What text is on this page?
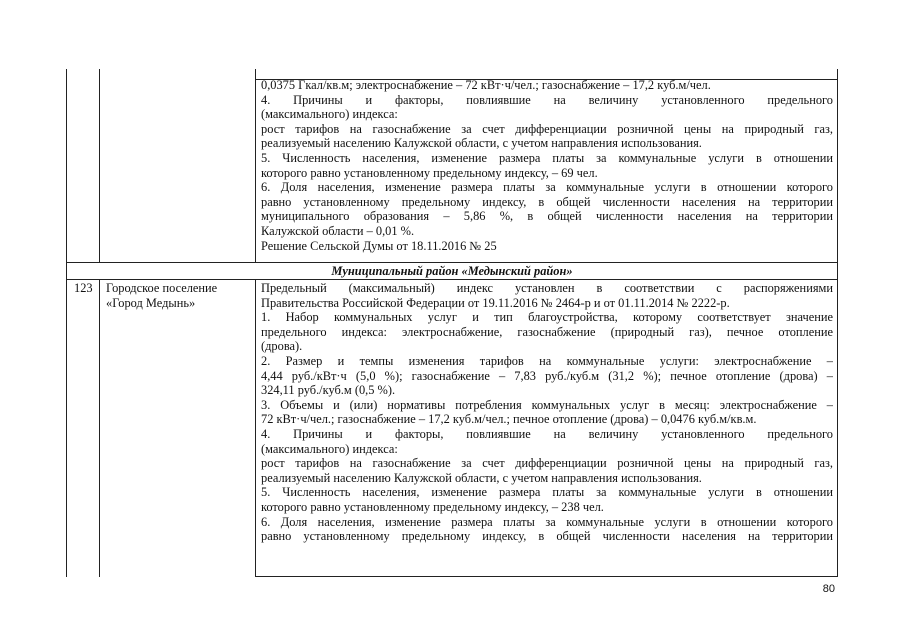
0,0375 Гкал/кв.м; электроснабжение – 72 кВт·ч/чел.; газоснабжение – 17,2 куб.м/чел.
4. Причины и факторы, повлиявшие на величину установленного предельного
(максимального) индекса:
рост тарифов на газоснабжение за счет дифференциации розничной цены на природный газ,
реализуемый населению Калужской области, с учетом направления использования.
5. Численность населения, изменение размера платы за коммунальные услуги в отношении
которого равно установленному предельному индексу, – 69 чел.
6. Доля населения, изменение размера платы за коммунальные услуги в отношении которого
равно установленному предельному индексу, в общей численности населения на территории
муниципального образования – 5,86 %, в общей численности населения на территории
Калужской области – 0,01 %.
Решение Сельской Думы от 18.11.2016 № 25
Муниципальный район «Медынский район»
123 Городское поселение
«Город Медынь»
Предельный (максимальный) индекс установлен в соответствии с распоряжениями
Правительства Российской Федерации от 19.11.2016 № 2464-р и от 01.11.2014 № 2222-р.
1. Набор коммунальных услуг и тип благоустройства, которому соответствует значение
предельного индекса: электроснабжение, газоснабжение (природный газ), печное отопление
(дрова).
2. Размер и темпы изменения тарифов на коммунальные услуги: электроснабжение –
4,44 руб./кВт·ч (5,0 %); газоснабжение – 7,83 руб./куб.м (31,2 %); печное отопление (дрова) –
324,11 руб./куб.м (0,5 %).
3. Объемы и (или) нормативы потребления коммунальных услуг в месяц: электроснабжение –
72 кВт·ч/чел.; газоснабжение – 17,2 куб.м/чел.; печное отопление (дрова) – 0,0476 куб.м/кв.м.
4. Причины и факторы, повлиявшие на величину установленного предельного
(максимального) индекса:
рост тарифов на газоснабжение за счет дифференциации розничной цены на природный газ,
реализуемый населению Калужской области, с учетом направления использования.
5. Численность населения, изменение размера платы за коммунальные услуги в отношении
которого равно установленному предельному индексу, – 238 чел.
6. Доля населения, изменение размера платы за коммунальные услуги в отношении которого
равно установленному предельному индексу, в общей численности населения на территории
80
